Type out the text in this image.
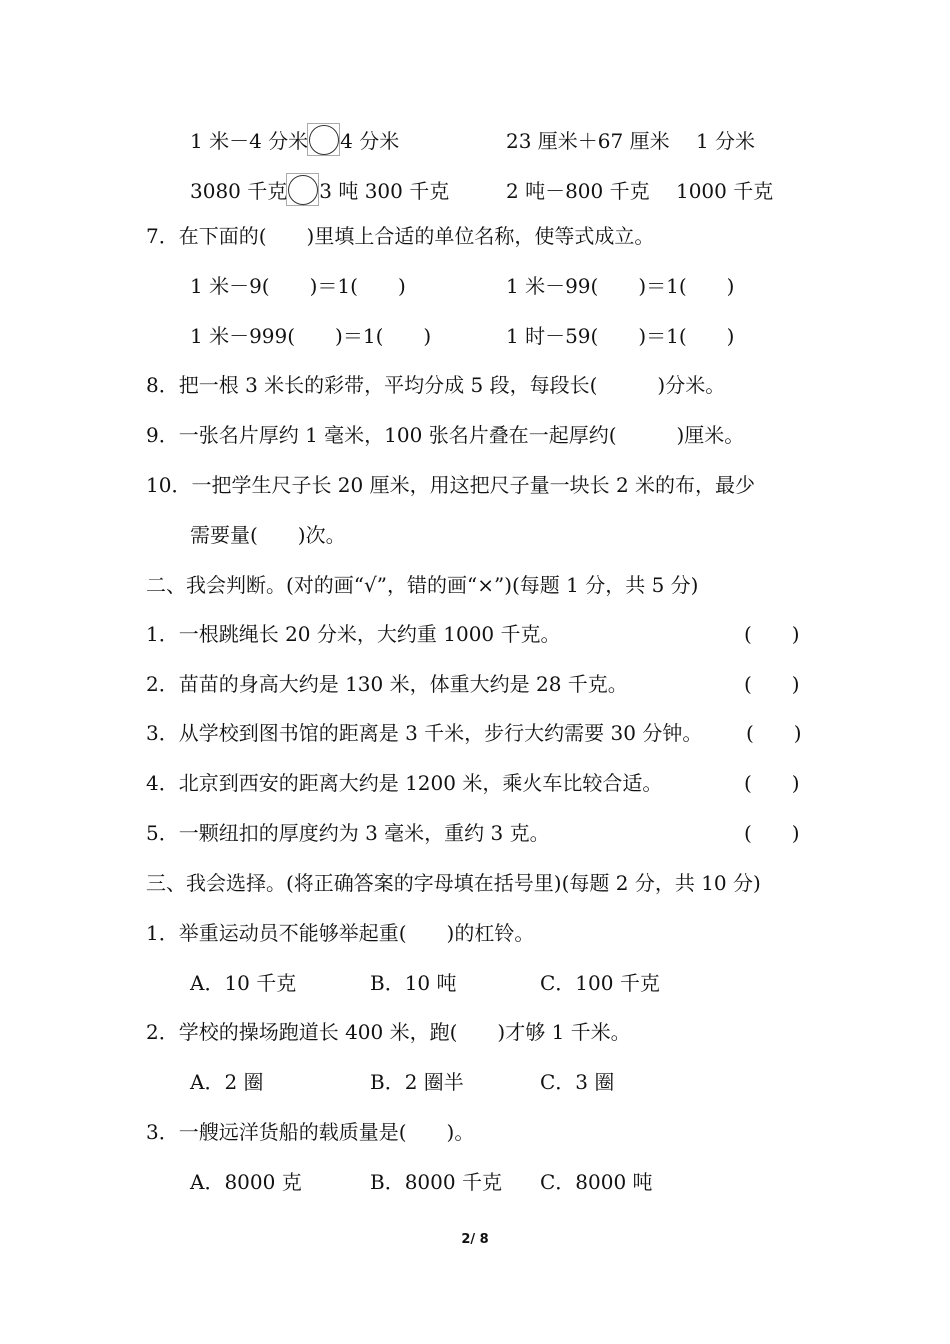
1 米－4 分米 4 分米	23 厘米＋67 厘米　 1 分米
3080 千克 3 吨 300 千克	2 吨－800 千克　 1000 千克
7．在下面的(　　)里填上合适的单位名称，使等式成立。
1 米－9(　　)＝1(　　)	1 米－99(　　)＝1(　　)
1 米－999(　　)＝1(　　)	1 时－59(　　)＝1(　　)
8．把一根 3 米长的彩带，平均分成 5 段，每段长(　　　)分米。
9．一张名片厚约 1 毫米，100 张名片叠在一起厚约(　　　)厘米。
10．一把学生尺子长 20 厘米，用这把尺子量一块长 2 米的布，最少
需要量(　　)次。
二、我会判断。(对的画“√”，错的画“×”)(每题 1 分，共 5 分)
1．一根跳绳长 20 分米，大约重 1000 千克。	(　　)
2．苗苗的身高大约是 130 米，体重大约是 28 千克。	(　　)
3．从学校到图书馆的距离是 3 千米，步行大约需要 30 分钟。 (　　)
4．北京到西安的距离大约是 1200 米，乘火车比较合适。	(　　)
5．一颗纽扣的厚度约为 3 毫米，重约 3 克。	(　　)
三、我会选择。(将正确答案的字母填在括号里)(每题 2 分，共 10 分)
1．举重运动员不能够举起重(　　)的杠铃。
A．10 千克	B．10 吨	C．100 千克
2．学校的操场跑道长 400 米，跑(　　)才够 1 千米。
A．2 圈	B．2 圈半	C．3 圈
3．一艘远洋货船的载质量是(　　)。
A．8000 克	B．8000 千克 C．8000 吨
2/ 8
